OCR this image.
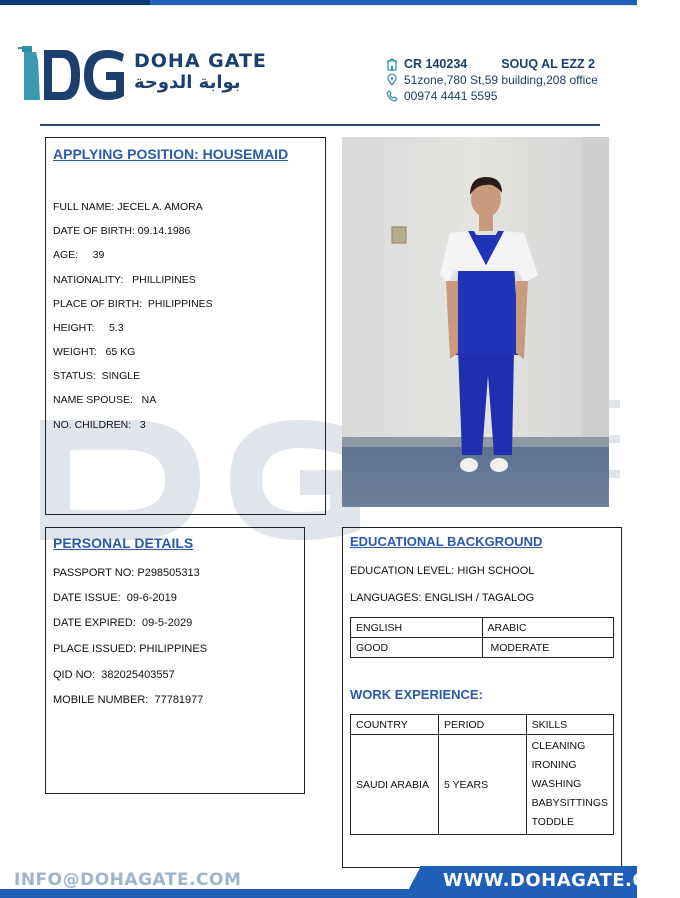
DOHA GATE
بوابة الدوحة
CR 140234	SOUQ AL EZZ 2
51zone,780 St,59 building,208 office
00974 4441 5595
APPLYING POSITION: HOUSEMAID
FULL NAME: JECEL A. AMORA
DATE OF BIRTH: 09.14.1986
AGE:     39
NATIONALITY:   PHILLIPINES
PLACE OF BIRTH:  PHILIPPINES
HEIGHT:     5.3
WEIGHT:   65 KG
STATUS:  SINGLE
NAME SPOUSE:   NA
NO. CHILDREN:   3
PERSONAL DETAILS
PASSPORT NO: P298505313
DATE ISSUE:  09-6-2019
DATE EXPIRED:  09-5-2029
PLACE ISSUED: PHILIPPINES
QID NO:  382025403557
MOBILE NUMBER:  77781977
EDUCATIONAL BACKGROUND
EDUCATION LEVEL: HIGH SCHOOL
LANGUAGES: ENGLISH / TAGALOG
ENGLISH	ARABIC
GOOD	MODERATE
WORK EXPERIENCE:
COUNTRY	PERIOD	SKILLS
SAUDI ARABIA	5 YEARS	CLEANING
IRONING
WASHING
BABYSITTINGS
TODDLE
INFO@DOHAGATE.COM	WWW.DOHAGATE.COM
